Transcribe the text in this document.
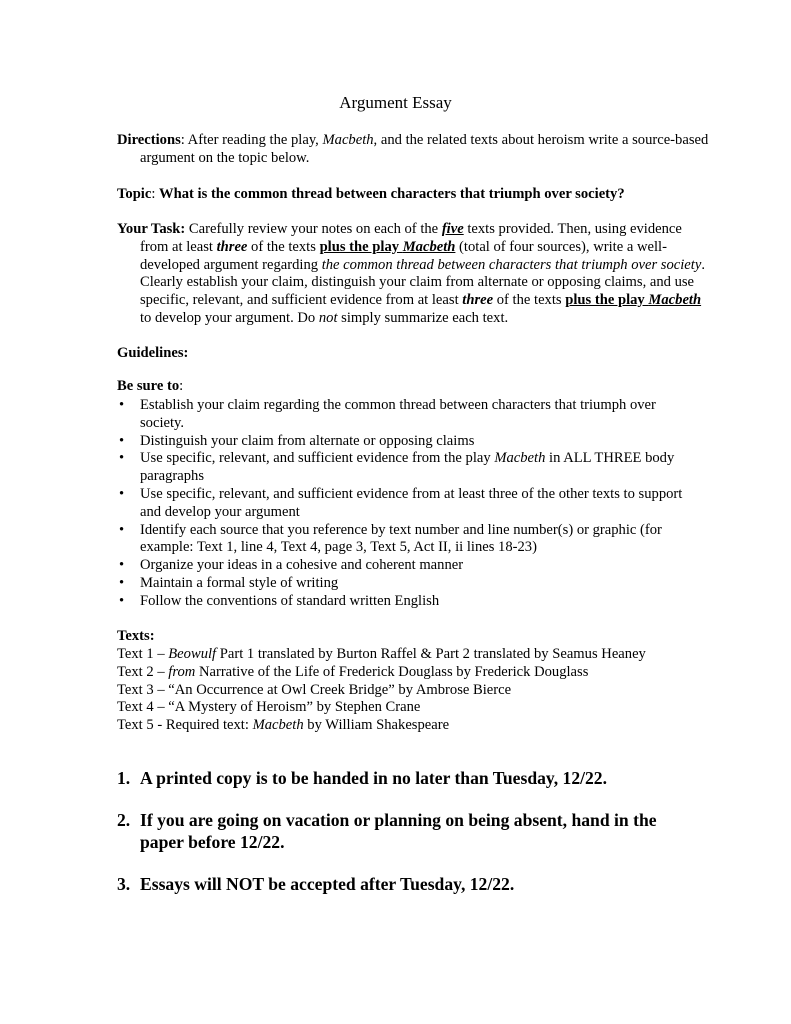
Argument Essay
Directions: After reading the play, Macbeth, and the related texts about heroism write a source-based argument on the topic below.
Topic: What is the common thread between characters that triumph over society?
Your Task: Carefully review your notes on each of the five texts provided. Then, using evidence from at least three of the texts plus the play Macbeth (total of four sources), write a well-developed argument regarding the common thread between characters that triumph over society. Clearly establish your claim, distinguish your claim from alternate or opposing claims, and use specific, relevant, and sufficient evidence from at least three of the texts plus the play Macbeth to develop your argument. Do not simply summarize each text.
Guidelines:
Be sure to:
• Establish your claim regarding the common thread between characters that triumph over society.
• Distinguish your claim from alternate or opposing claims
• Use specific, relevant, and sufficient evidence from the play Macbeth in ALL THREE body paragraphs
• Use specific, relevant, and sufficient evidence from at least three of the other texts to support and develop your argument
• Identify each source that you reference by text number and line number(s) or graphic (for example: Text 1, line 4, Text 4, page 3, Text 5, Act II, ii lines 18-23)
• Organize your ideas in a cohesive and coherent manner
• Maintain a formal style of writing
• Follow the conventions of standard written English
Texts:
Text 1 – Beowulf Part 1 translated by Burton Raffel & Part 2 translated by Seamus Heaney
Text 2 – from Narrative of the Life of Frederick Douglass by Frederick Douglass
Text 3 – “An Occurrence at Owl Creek Bridge” by Ambrose Bierce
Text 4 – “A Mystery of Heroism” by Stephen Crane
Text 5 - Required text: Macbeth by William Shakespeare
1. A printed copy is to be handed in no later than Tuesday, 12/22.
2. If you are going on vacation or planning on being absent, hand in the paper before 12/22.
3. Essays will NOT be accepted after Tuesday, 12/22.
